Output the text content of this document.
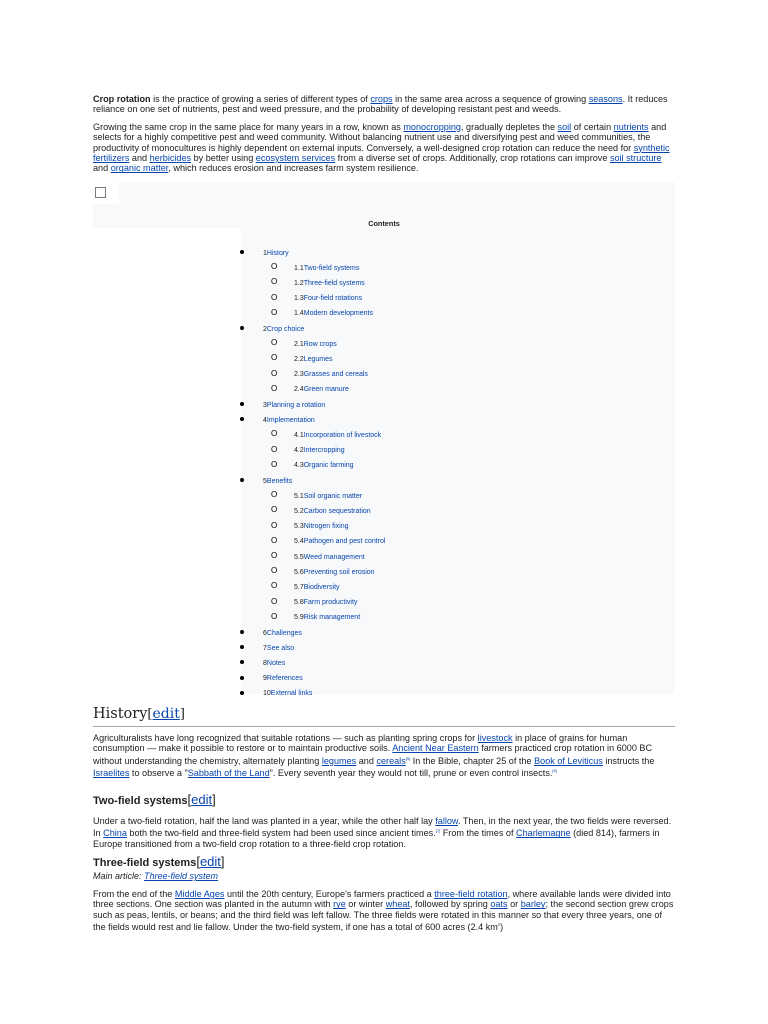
Crop rotation is the practice of growing a series of different types of crops in the same area across a sequence of growing seasons. It reduces reliance on one set of nutrients, pest and weed pressure, and the probability of developing resistant pest and weeds.

Growing the same crop in the same place for many years in a row, known as monocropping, gradually depletes the soil of certain nutrients and selects for a highly competitive pest and weed community. Without balancing nutrient use and diversifying pest and weed communities, the productivity of monocultures is highly dependent on external inputs. Conversely, a well-designed crop rotation can reduce the need for synthetic fertilizers and herbicides by better using ecosystem services from a diverse set of crops. Additionally, crop rotations can improve soil structure and organic matter, which reduces erosion and increases farm system resilience.

Contents
1History
O 1.1Two-field systems
O 1.2Three-field systems
O 1.3Four-field rotations
O 1.4Modern developments
2Crop choice
O 2.1Row crops
O 2.2Legumes
O 2.3Grasses and cereals
O 2.4Green manure
3Planning a rotation
4Implementation
O 4.1Incorporation of livestock
O 4.2Intercropping
O 4.3Organic farming
5Benefits
O 5.1Soil organic matter
O 5.2Carbon sequestration
O 5.3Nitrogen fixing
O 5.4Pathogen and pest control
O 5.5Weed management
O 5.6Preventing soil erosion
O 5.7Biodiversity
O 5.8Farm productivity
O 5.9Risk management
6Challenges
7See also
8Notes
9References
10External links
History[edit]

Agriculturalists have long recognized that suitable rotations — such as planting spring crops for livestock in place of grains for human consumption — make it possible to restore or to maintain productive soils. Ancient Near Eastern farmers practiced crop rotation in 6000 BC without understanding the chemistry, alternately planting legumes and cereals[5] In the Bible, chapter 25 of the Book of Leviticus instructs the Israelites to observe a "Sabbath of the Land". Every seventh year they would not till, prune or even control insects.[6]

Two-field systems[edit]

Under a two-field rotation, half the land was planted in a year, while the other half lay fallow. Then, in the next year, the two fields were reversed. In China both the two-field and three-field system had been used since ancient times.[7] From the times of Charlemagne (died 814), farmers in Europe transitioned from a two-field crop rotation to a three-field crop rotation.

Three-field systems[edit]
Main article: Three-field system

From the end of the Middle Ages until the 20th century, Europe's farmers practiced a three-field rotation, where available lands were divided into three sections. One section was planted in the autumn with rye or winter wheat, followed by spring oats or barley; the second section grew crops such as peas, lentils, or beans; and the third field was left fallow. The three fields were rotated in this manner so that every three years, one of the fields would rest and lie fallow. Under the two-field system, if one has a total of 600 acres (2.4 km$^2$)
